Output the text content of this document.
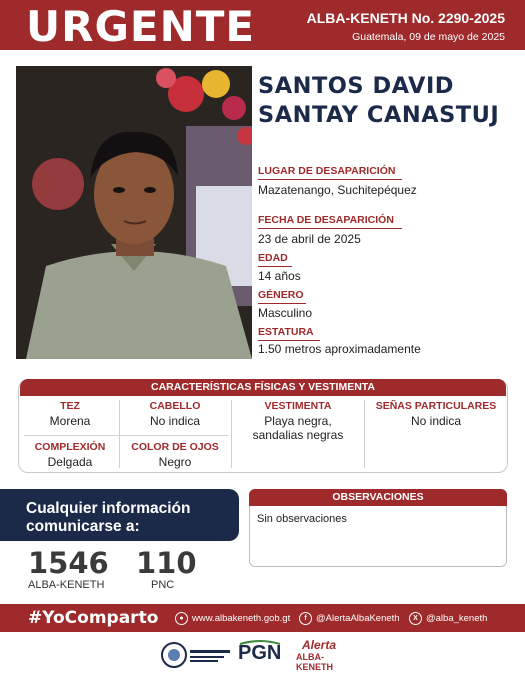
URGENTE	ALBA-KENETH No. 2290-2025
Guatemala, 09 de mayo de 2025
SANTOS DAVID
SANTAY CANASTUJ
LUGAR DE DESAPARICIÓN
Mazatenango, Suchitepéquez
FECHA DE DESAPARICIÓN
23 de abril de 2025
EDAD
14 años
GÉNERO
Masculino
ESTATURA
1.50 metros aproximadamente
CARACTERÍSTICAS FÍSICAS Y VESTIMENTA
TEZ
Morena
CABELLO
No indica
VESTIMENTA
Playa negra,
sandalias negras
SEÑAS PARTICULARES
No indica
COMPLEXIÓN
Delgada
COLOR DE OJOS
Negro
Cualquier información
comunicarse a:
1546
ALBA-KENETH
110
PNC
OBSERVACIONES
Sin observaciones
#YoComparto	● www.albakeneth.gob.gt	f @AlertaAlbaKeneth	X @alba_keneth
PGN Alerta
ALBA-KENETH
